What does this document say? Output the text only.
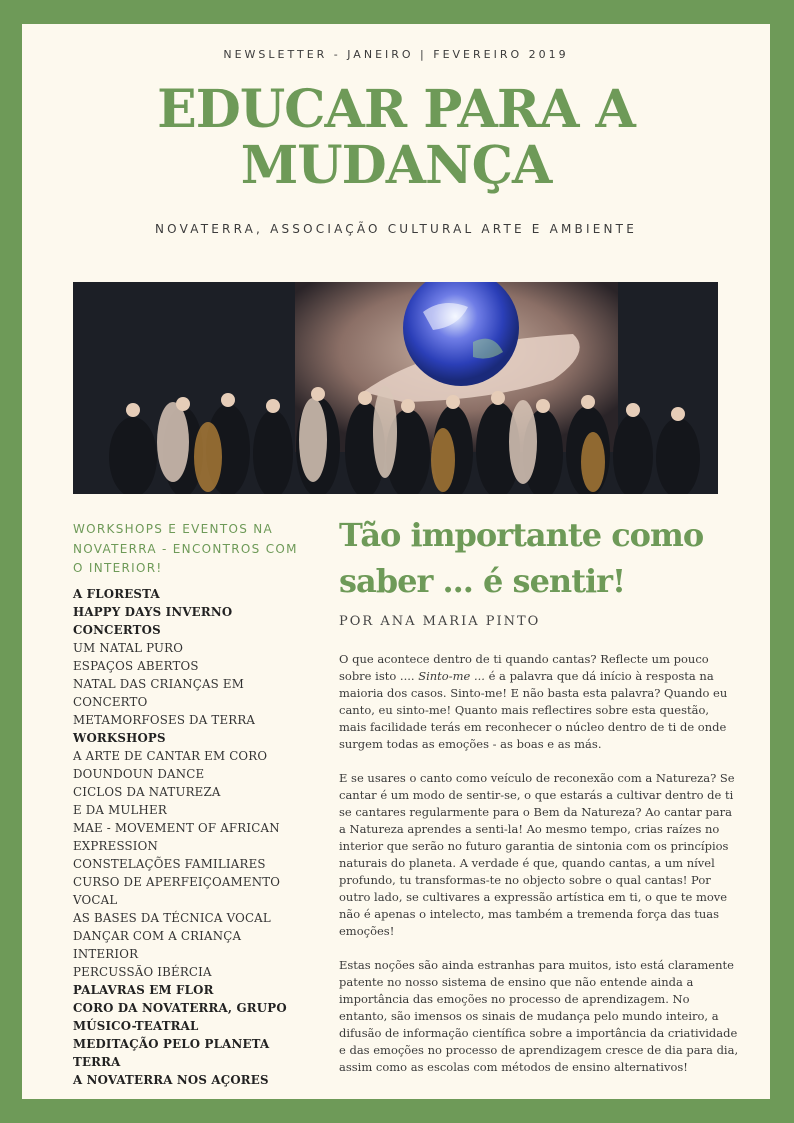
NEWSLETTER - JANEIRO | FEVEREIRO 2019
EDUCAR PARA A
MUDANÇA
NOVATERRA, ASSOCIAÇÃO CULTURAL ARTE E AMBIENTE
WORKSHOPS E EVENTOS NA NOVATERRA - ENCONTROS COM O INTERIOR!
A FLORESTA
HAPPY DAYS INVERNO
CONCERTOS
UM NATAL PURO
ESPAÇOS ABERTOS
NATAL DAS CRIANÇAS EM CONCERTO
METAMORFOSES DA TERRA
WORKSHOPS
A ARTE DE CANTAR EM CORO
DOUNDOUN DANCE
CICLOS DA NATUREZA
E DA MULHER
MAE - MOVEMENT OF AFRICAN EXPRESSION
CONSTELAÇÕES FAMILIARES
CURSO DE APERFEIÇOAMENTO VOCAL
AS BASES DA TÉCNICA VOCAL
DANÇAR COM A CRIANÇA INTERIOR
PERCUSSÃO IBÉRCIA
PALAVRAS EM FLOR
CORO DA NOVATERRA, GRUPO MÚSICO-TEATRAL
MEDITAÇÃO PELO PLANETA TERRA
A NOVATERRA NOS AÇORES
Tão importante como saber ... é sentir!
POR ANA MARIA PINTO

O que acontece dentro de ti quando cantas? Reflecte um pouco sobre isto .... Sinto-me ... é a palavra que dá início à resposta na maioria dos casos. Sinto-me! E não basta esta palavra? Quando eu canto, eu sinto-me! Quanto mais reflectires sobre esta questão, mais facilidade terás em reconhecer o núcleo dentro de ti de onde surgem todas as emoções - as boas e as más.

E se usares o canto como veículo de reconexão com a Natureza? Se cantar é um modo de sentir-se, o que estarás a cultivar dentro de ti se cantares regularmente para o Bem da Natureza? Ao cantar para a Natureza aprendes a senti-la! Ao mesmo tempo, crias raízes no interior que serão no futuro garantia de sintonia com os princípios naturais do planeta. A verdade é que, quando cantas, a um nível profundo, tu transformas-te no objecto sobre o qual cantas! Por outro lado, se cultivares a expressão artística em ti, o que te move não é apenas o intelecto, mas também a tremenda força das tuas emoções!

Estas noções são ainda estranhas para muitos, isto está claramente patente no nosso sistema de ensino que não entende ainda a importância das emoções no processo de aprendizagem. No entanto, são imensos os sinais de mudança pelo mundo inteiro, a difusão de informação científica sobre a importância da criatividade e das emoções no processo de aprendizagem cresce de dia para dia, assim como as escolas com métodos de ensino alternativos!
